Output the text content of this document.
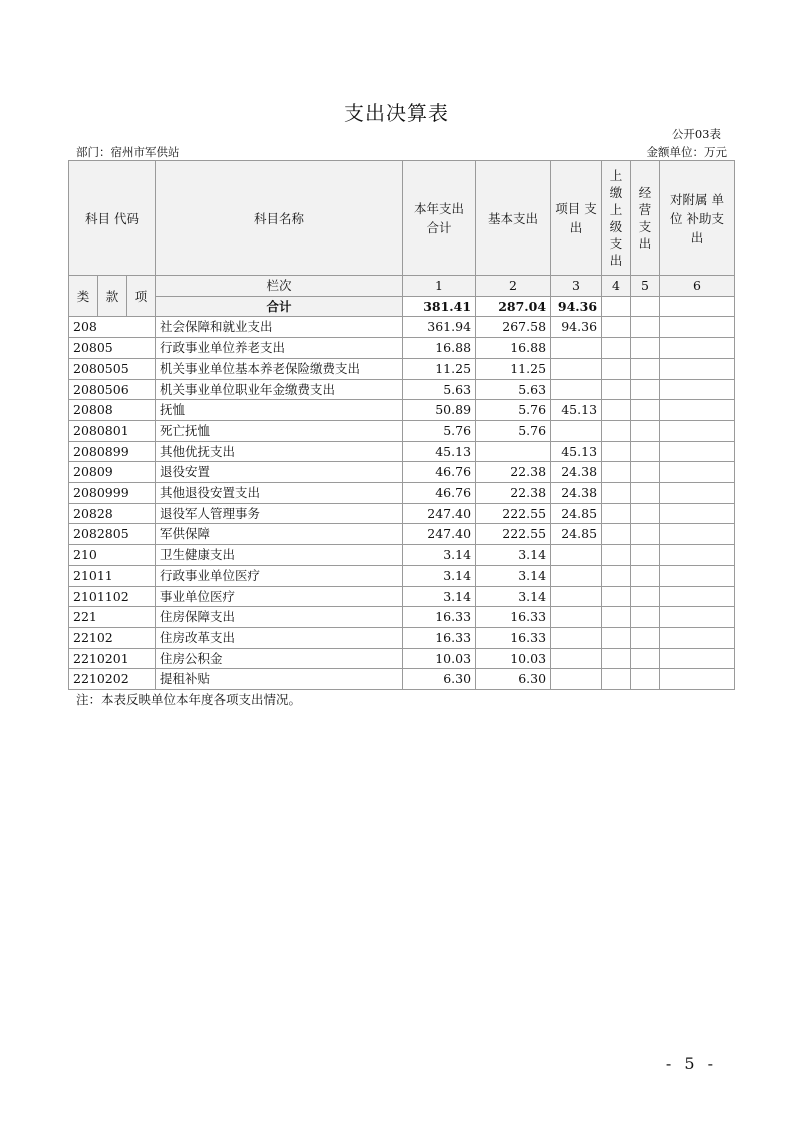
支出决算表
公开03表
部门：宿州市军供站	金额单位：万元
科目 代码			科目名称	本年支出 合计	基本支出	项目 支出	上缴上级支出	经营支出	对附属 单位 补助支 出
类	款	项	栏次	1	2	3	4	5	6
			合计	381.41	287.04	94.36			
208			社会保障和就业支出	361.94	267.58	94.36			
20805			行政事业单位养老支出	16.88	16.88				
2080505			机关事业单位基本养老保险缴费支出	11.25	11.25				
2080506			机关事业单位职业年金缴费支出	5.63	5.63				
20808			抚恤	50.89	5.76	45.13			
2080801			死亡抚恤	5.76	5.76				
2080899			其他优抚支出	45.13		45.13			
20809			退役安置	46.76	22.38	24.38			
2080999			其他退役安置支出	46.76	22.38	24.38			
20828			退役军人管理事务	247.40	222.55	24.85			
2082805			军供保障	247.40	222.55	24.85			
210			卫生健康支出	3.14	3.14				
21011			行政事业单位医疗	3.14	3.14				
2101102			事业单位医疗	3.14	3.14				
221			住房保障支出	16.33	16.33				
22102			住房改革支出	16.33	16.33				
2210201			住房公积金	10.03	10.03				
2210202			提租补贴	6.30	6.30				
注：本表反映单位本年度各项支出情况。
- 5 -
